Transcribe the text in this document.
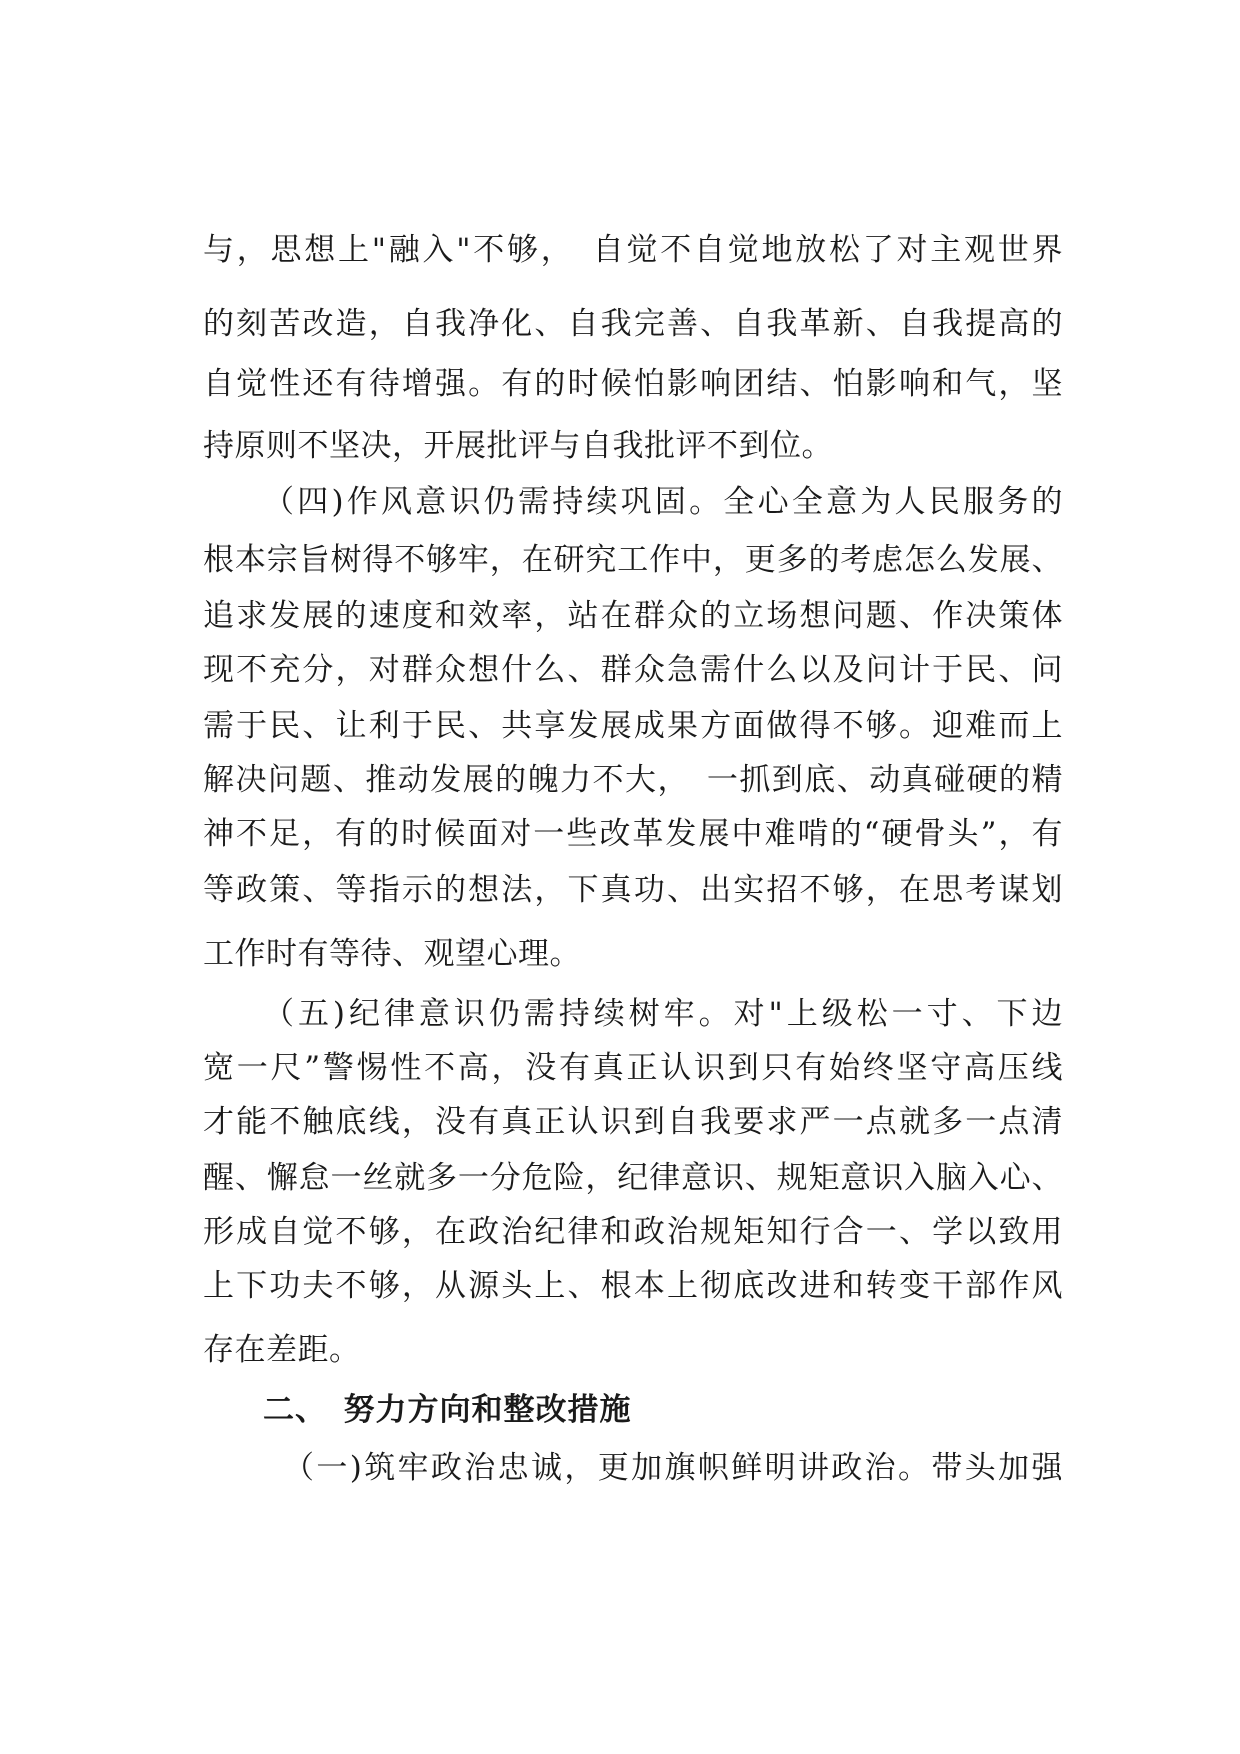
与，思想上"融入"不够，　自觉不自觉地放松了对主观世界
的刻苦改造，自我净化、自我完善、自我革新、自我提高的
自觉性还有待增强。有的时候怕影响团结、怕影响和气，坚
持原则不坚决，开展批评与自我批评不到位。
（四)作风意识仍需持续巩固。全心全意为人民服务的
根本宗旨树得不够牢，在研究工作中，更多的考虑怎么发展、
追求发展的速度和效率，站在群众的立场想问题、作决策体
现不充分，对群众想什么、群众急需什么以及问计于民、问
需于民、让利于民、共享发展成果方面做得不够。迎难而上
解决问题、推动发展的魄力不大，　一抓到底、动真碰硬的精
神不足，有的时候面对一些改革发展中难啃的“硬骨头”，有
等政策、等指示的想法，下真功、出实招不够，在思考谋划
工作时有等待、观望心理。
（五)纪律意识仍需持续树牢。对"上级松一寸、下边
宽一尺”警惕性不高，没有真正认识到只有始终坚守高压线
才能不触底线，没有真正认识到自我要求严一点就多一点清
醒、懈怠一丝就多一分危险，纪律意识、规矩意识入脑入心、
形成自觉不够，在政治纪律和政治规矩知行合一、学以致用
上下功夫不够，从源头上、根本上彻底改进和转变干部作风
存在差距。
二、　努力方向和整改措施
（一)筑牢政治忠诚，更加旗帜鲜明讲政治。带头加强
